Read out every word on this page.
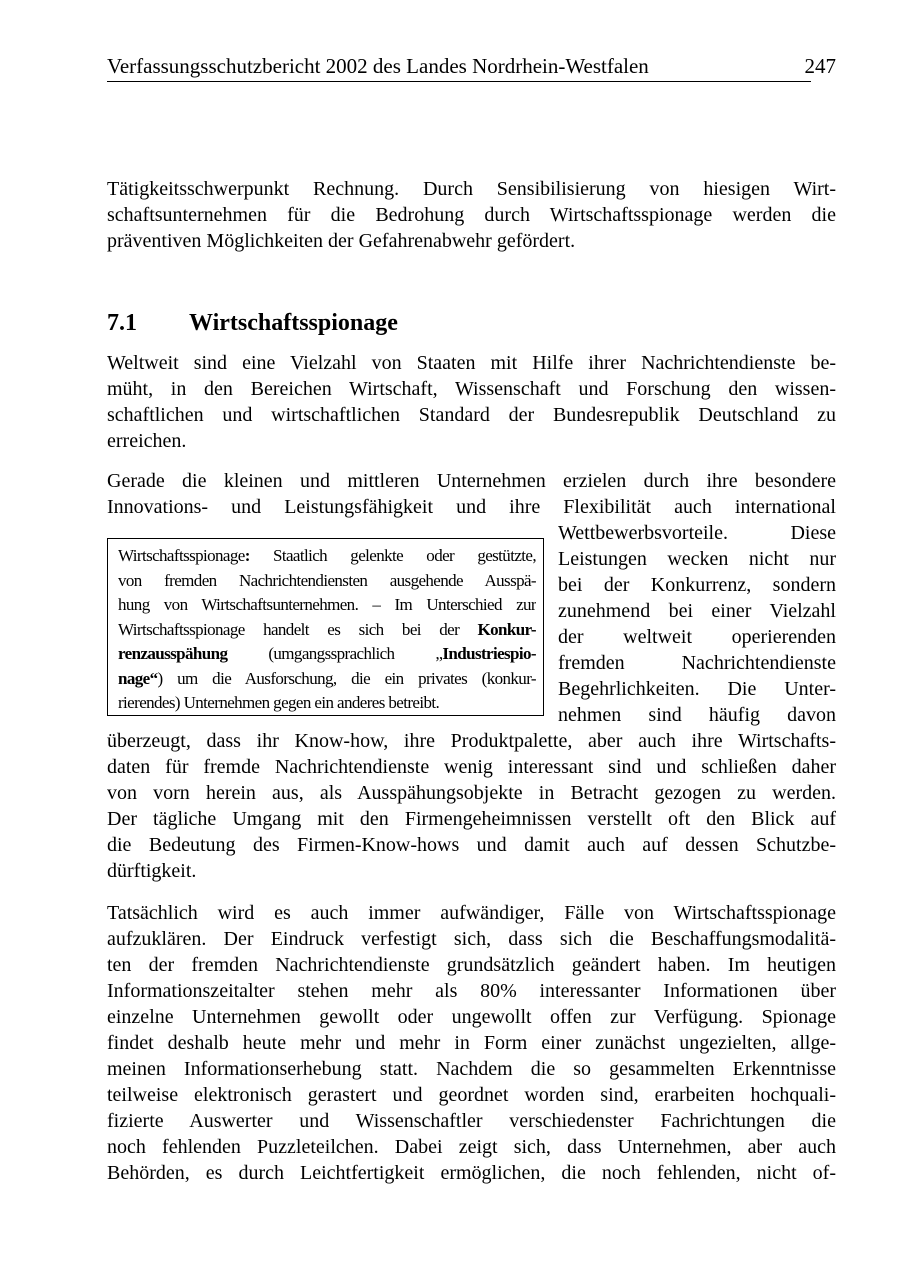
Verfassungsschutzbericht 2002 des Landes Nordrhein-Westfalen	247
Tätigkeitsschwerpunkt Rechnung. Durch Sensibilisierung von hiesigen Wirt-
schaftsunternehmen für die Bedrohung durch Wirtschaftsspionage werden die
präventiven Möglichkeiten der Gefahrenabwehr gefördert.
7.1 Wirtschaftsspionage
Weltweit sind eine Vielzahl von Staaten mit Hilfe ihrer Nachrichtendienste be-
müht, in den Bereichen Wirtschaft, Wissenschaft und Forschung den wissen-
schaftlichen und wirtschaftlichen Standard der Bundesrepublik Deutschland zu
erreichen.
Gerade die kleinen und mittleren Unternehmen erzielen durch ihre besondere
Innovations- und Leistungsfähigkeit und ihre Flexibilität auch international
Wettbewerbsvorteile. Diese
Leistungen wecken nicht nur
bei der Konkurrenz, sondern
zunehmend bei einer Vielzahl
der weltweit operierenden
fremden Nachrichtendienste
Begehrlichkeiten. Die Unter-
nehmen sind häufig davon
Wirtschaftsspionage: Staatlich gelenkte oder gestützte,
von fremden Nachrichtendiensten ausgehende Ausspä-
hung von Wirtschaftsunternehmen. – Im Unterschied zur
Wirtschaftsspionage handelt es sich bei der Konkur-
renzausspähung (umgangssprachlich „Industriespio-
nage“) um die Ausforschung, die ein privates (konkur-
rierendes) Unternehmen gegen ein anderes betreibt.
überzeugt, dass ihr Know-how, ihre Produktpalette, aber auch ihre Wirtschafts-
daten für fremde Nachrichtendienste wenig interessant sind und schließen daher
von vorn herein aus, als Ausspähungsobjekte in Betracht gezogen zu werden.
Der tägliche Umgang mit den Firmengeheimnissen verstellt oft den Blick auf
die Bedeutung des Firmen-Know-hows und damit auch auf dessen Schutzbe-
dürftigkeit.
Tatsächlich wird es auch immer aufwändiger, Fälle von Wirtschaftsspionage
aufzuklären. Der Eindruck verfestigt sich, dass sich die Beschaffungsmodalitä-
ten der fremden Nachrichtendienste grundsätzlich geändert haben. Im heutigen
Informationszeitalter stehen mehr als 80% interessanter Informationen über
einzelne Unternehmen gewollt oder ungewollt offen zur Verfügung. Spionage
findet deshalb heute mehr und mehr in Form einer zunächst ungezielten, allge-
meinen Informationserhebung statt. Nachdem die so gesammelten Erkenntnisse
teilweise elektronisch gerastert und geordnet worden sind, erarbeiten hochquali-
fizierte Auswerter und Wissenschaftler verschiedenster Fachrichtungen die
noch fehlenden Puzzleteilchen. Dabei zeigt sich, dass Unternehmen, aber auch
Behörden, es durch Leichtfertigkeit ermöglichen, die noch fehlenden, nicht of-
